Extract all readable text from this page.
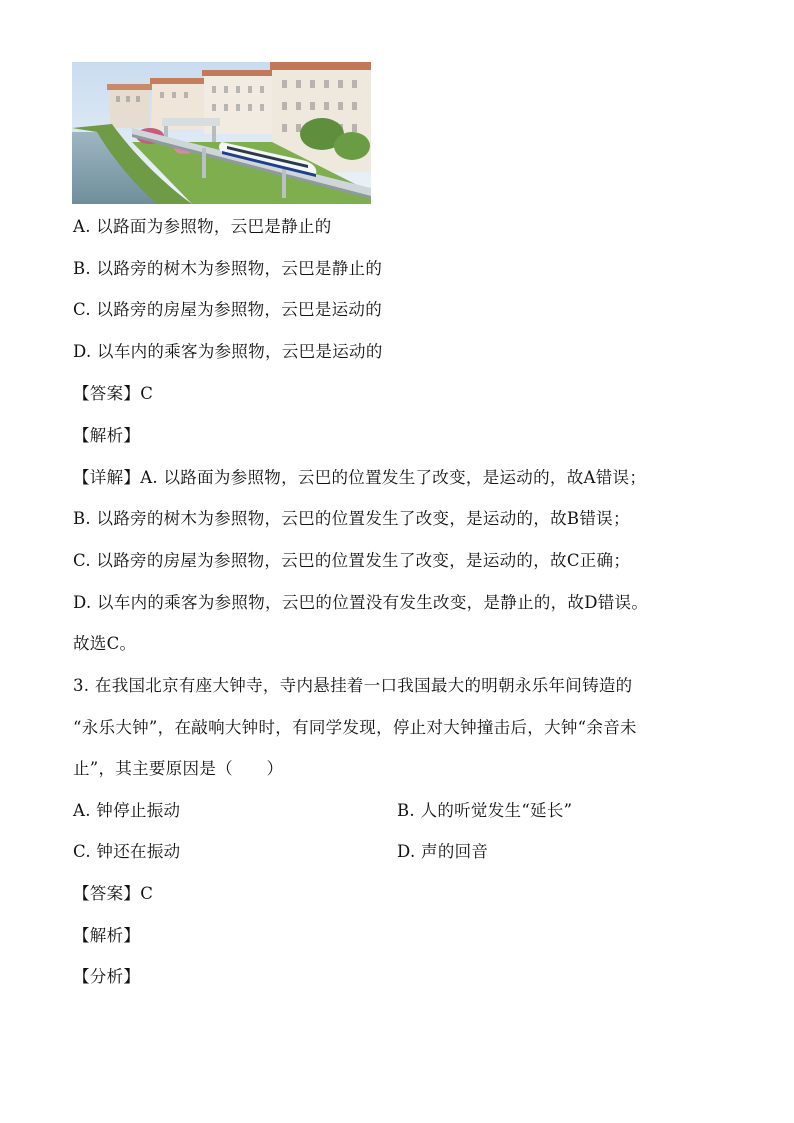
A. 以路面为参照物，云巴是静止的
B. 以路旁的树木为参照物，云巴是静止的
C. 以路旁的房屋为参照物，云巴是运动的
D. 以车内的乘客为参照物，云巴是运动的
【答案】C
【解析】
【详解】A. 以路面为参照物，云巴的位置发生了改变，是运动的，故A错误；
B. 以路旁的树木为参照物，云巴的位置发生了改变，是运动的，故B错误；
C. 以路旁的房屋为参照物，云巴的位置发生了改变，是运动的，故C正确；
D. 以车内的乘客为参照物，云巴的位置没有发生改变，是静止的，故D错误。
故选C。
3. 在我国北京有座大钟寺，寺内悬挂着一口我国最大的明朝永乐年间铸造的
“永乐大钟”，在敲响大钟时，有同学发现，停止对大钟撞击后，大钟“余音未
止”，其主要原因是（　　）
A. 钟停止振动	B. 人的听觉发生“延长”
C. 钟还在振动	D. 声的回音
【答案】C
【解析】
【分析】
